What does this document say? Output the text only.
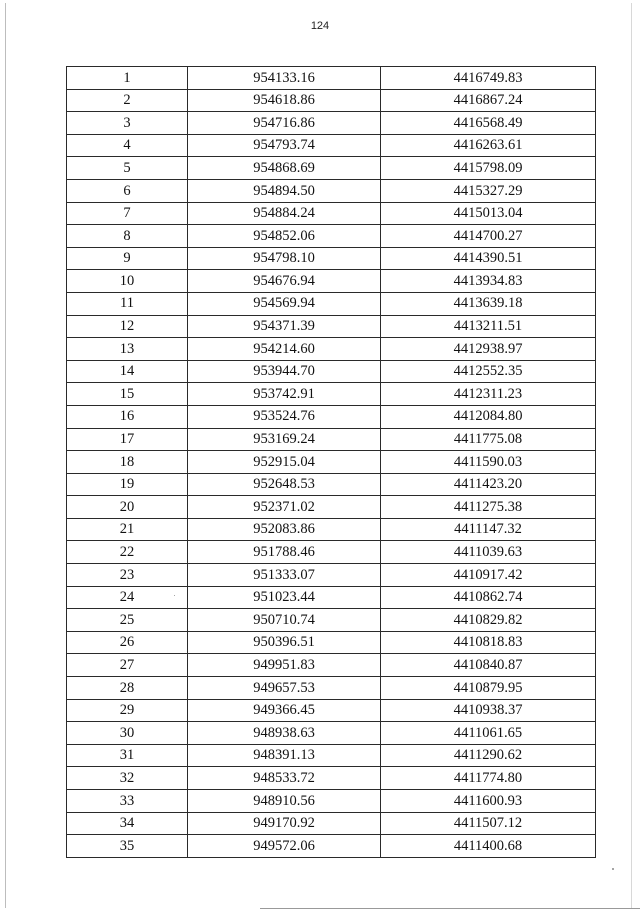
124
1	954133.16	4416749.83
2	954618.86	4416867.24
3	954716.86	4416568.49
4	954793.74	4416263.61
5	954868.69	4415798.09
6	954894.50	4415327.29
7	954884.24	4415013.04
8	954852.06	4414700.27
9	954798.10	4414390.51
10	954676.94	4413934.83
11	954569.94	4413639.18
12	954371.39	4413211.51
13	954214.60	4412938.97
14	953944.70	4412552.35
15	953742.91	4412311.23
16	953524.76	4412084.80
17	953169.24	4411775.08
18	952915.04	4411590.03
19	952648.53	4411423.20
20	952371.02	4411275.38
21	952083.86	4411147.32
22	951788.46	4411039.63
23	951333.07	4410917.42
24	951023.44	4410862.74
25	950710.74	4410829.82
26	950396.51	4410818.83
27	949951.83	4410840.87
28	949657.53	4410879.95
29	949366.45	4410938.37
30	948938.63	4411061.65
31	948391.13	4411290.62
32	948533.72	4411774.80
33	948910.56	4411600.93
34	949170.92	4411507.12
35	949572.06	4411400.68
